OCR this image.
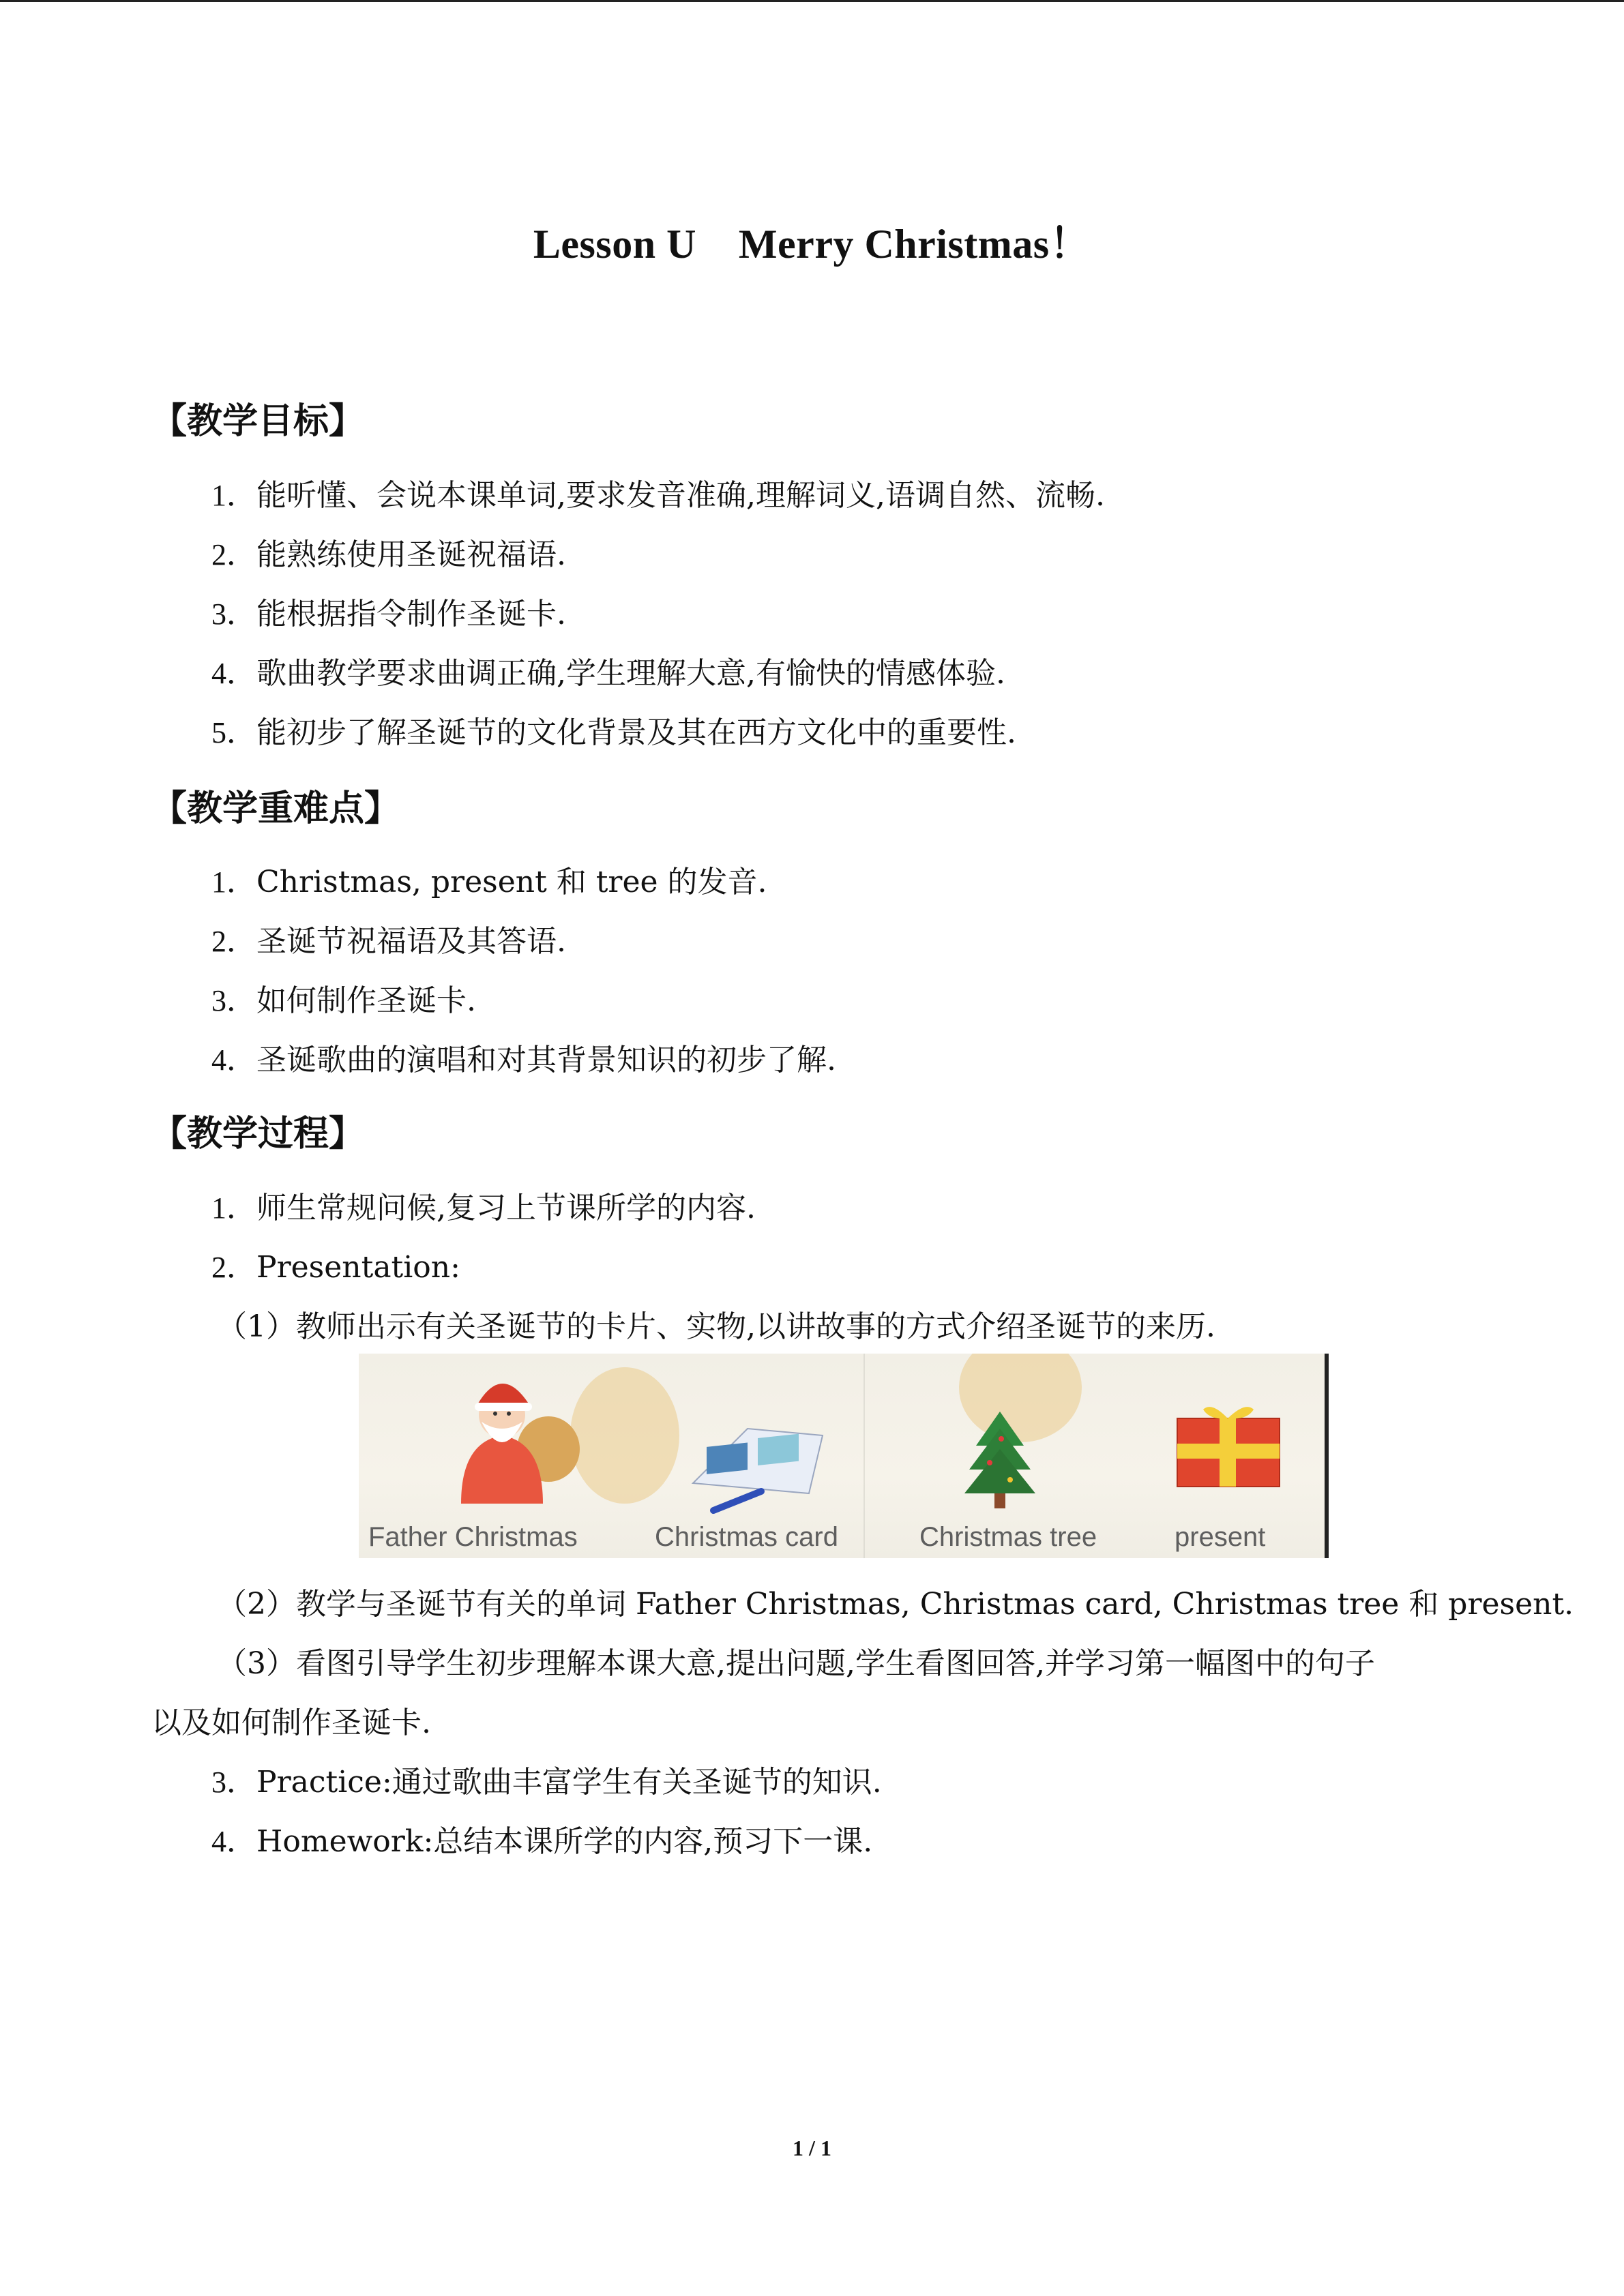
Lesson U    Merry Christmas！
【教学目标】
1．能听懂、会说本课单词,要求发音准确,理解词义,语调自然、流畅.
2．能熟练使用圣诞祝福语.
3．能根据指令制作圣诞卡.
4．歌曲教学要求曲调正确,学生理解大意,有愉快的情感体验.
5．能初步了解圣诞节的文化背景及其在西方文化中的重要性.
【教学重难点】
1．Christmas, present 和 tree 的发音.
2．圣诞节祝福语及其答语.
3．如何制作圣诞卡.
4．圣诞歌曲的演唱和对其背景知识的初步了解.
【教学过程】
1．师生常规问候,复习上节课所学的内容.
2．Presentation:
（1）教师出示有关圣诞节的卡片、实物,以讲故事的方式介绍圣诞节的来历.
Father Christmas	Christmas card	Christmas tree	present
（2）教学与圣诞节有关的单词 Father Christmas, Christmas card, Christmas tree 和 present.
（3）看图引导学生初步理解本课大意,提出问题,学生看图回答,并学习第一幅图中的句子
以及如何制作圣诞卡.
3．Practice:通过歌曲丰富学生有关圣诞节的知识.
4．Homework:总结本课所学的内容,预习下一课.
1 / 1
